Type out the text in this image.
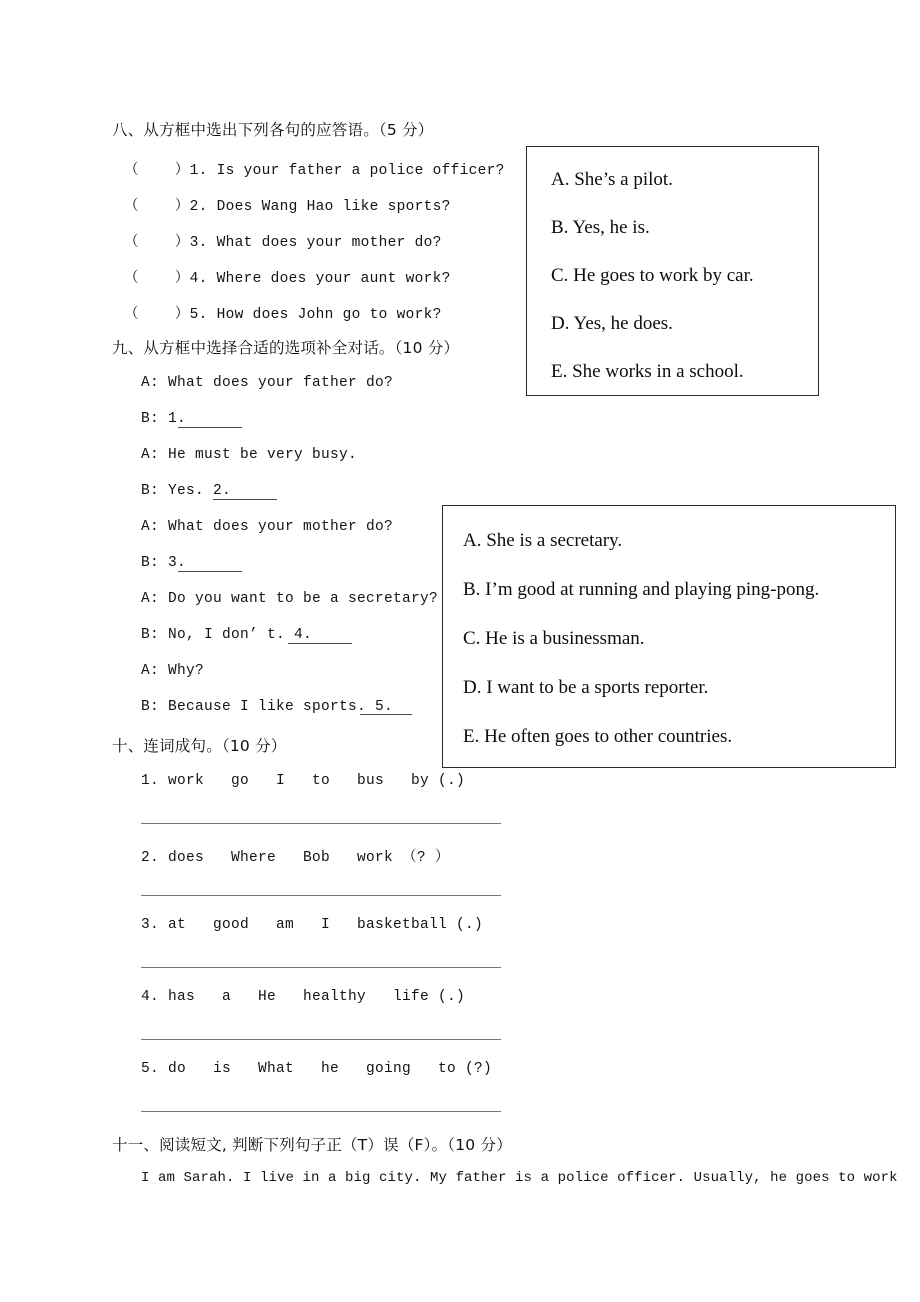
八、从方框中选出下列各句的应答语。（5 分）
（    ）1. Is your father a police officer?
（    ）2. Does Wang Hao like sports?
（    ）3. What does your mother do?
（    ）4. Where does your aunt work?
（    ）5. How does John go to work?
A. She’s a pilot.
B. Yes, he is.
C. He goes to work by car.
D. Yes, he does.
E. She works in a school.
九、从方框中选择合适的选项补全对话。（10 分）
A: What does your father do?
B: 1.
A: He must be very busy.
B: Yes. 2.
A: What does your mother do?
B: 3.
A: Do you want to be a secretary?
B: No, I don’ t. 4.
A: Why?
B: Because I like sports. 5.
A. She is a secretary.
B. I’m good at running and playing ping-pong.
C. He is a businessman.
D. I want to be a sports reporter.
E. He often goes to other countries.
十、连词成句。（10 分）
1. work   go   I   to   bus   by (.)
2. does   Where   Bob   work （? ）
3. at   good   am   I   basketball (.)
4. has   a   He   healthy   life (.)
5. do   is   What   he   going   to (?)
十一、阅读短文, 判断下列句子正（T）误（F）。（10 分）
I am Sarah. I live in a big city. My father is a police officer. Usually, he goes to work
